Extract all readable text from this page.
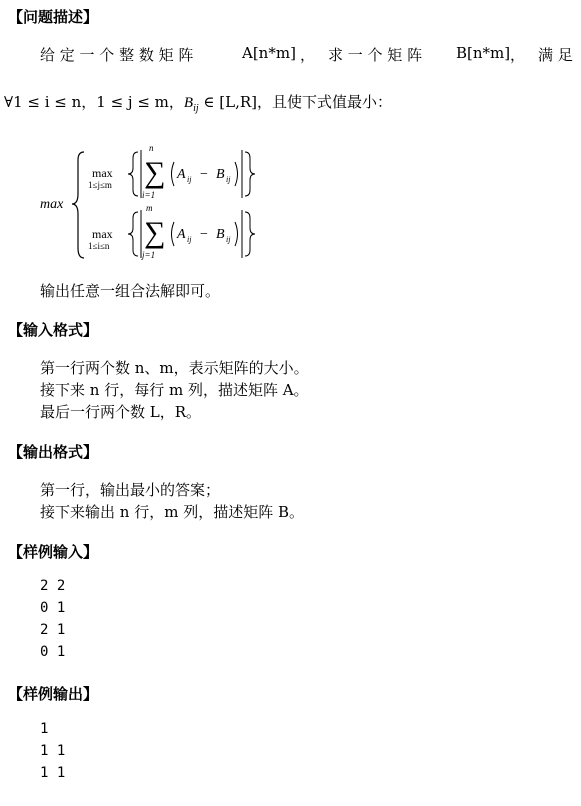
【问题描述】
给 定 一 个 整 数 矩 阵	A[n*m] ， 求 一 个 矩 阵 B[n*m] ， 满 足
∀1 ≤ i ≤ n，1 ≤ j ≤ m，$B_{ij}$ ∈ [L,R]，且使下式值最小：
max
max
1≤j≤m
n
∑
i=1
A ij − B ij
max
1≤i≤n
m
∑
j=1
A ij − B ij
输出任意一组合法解即可。
【输入格式】
第一行两个数 n、m，表示矩阵的大小。
接下来 n 行，每行 m 列，描述矩阵 A。
最后一行两个数 L，R。
【输出格式】
第一行，输出最小的答案；
接下来输出 n 行，m 列，描述矩阵 B。
【样例输入】
2 2
0 1
2 1
0 1
【样例输出】
1
1 1
1 1
